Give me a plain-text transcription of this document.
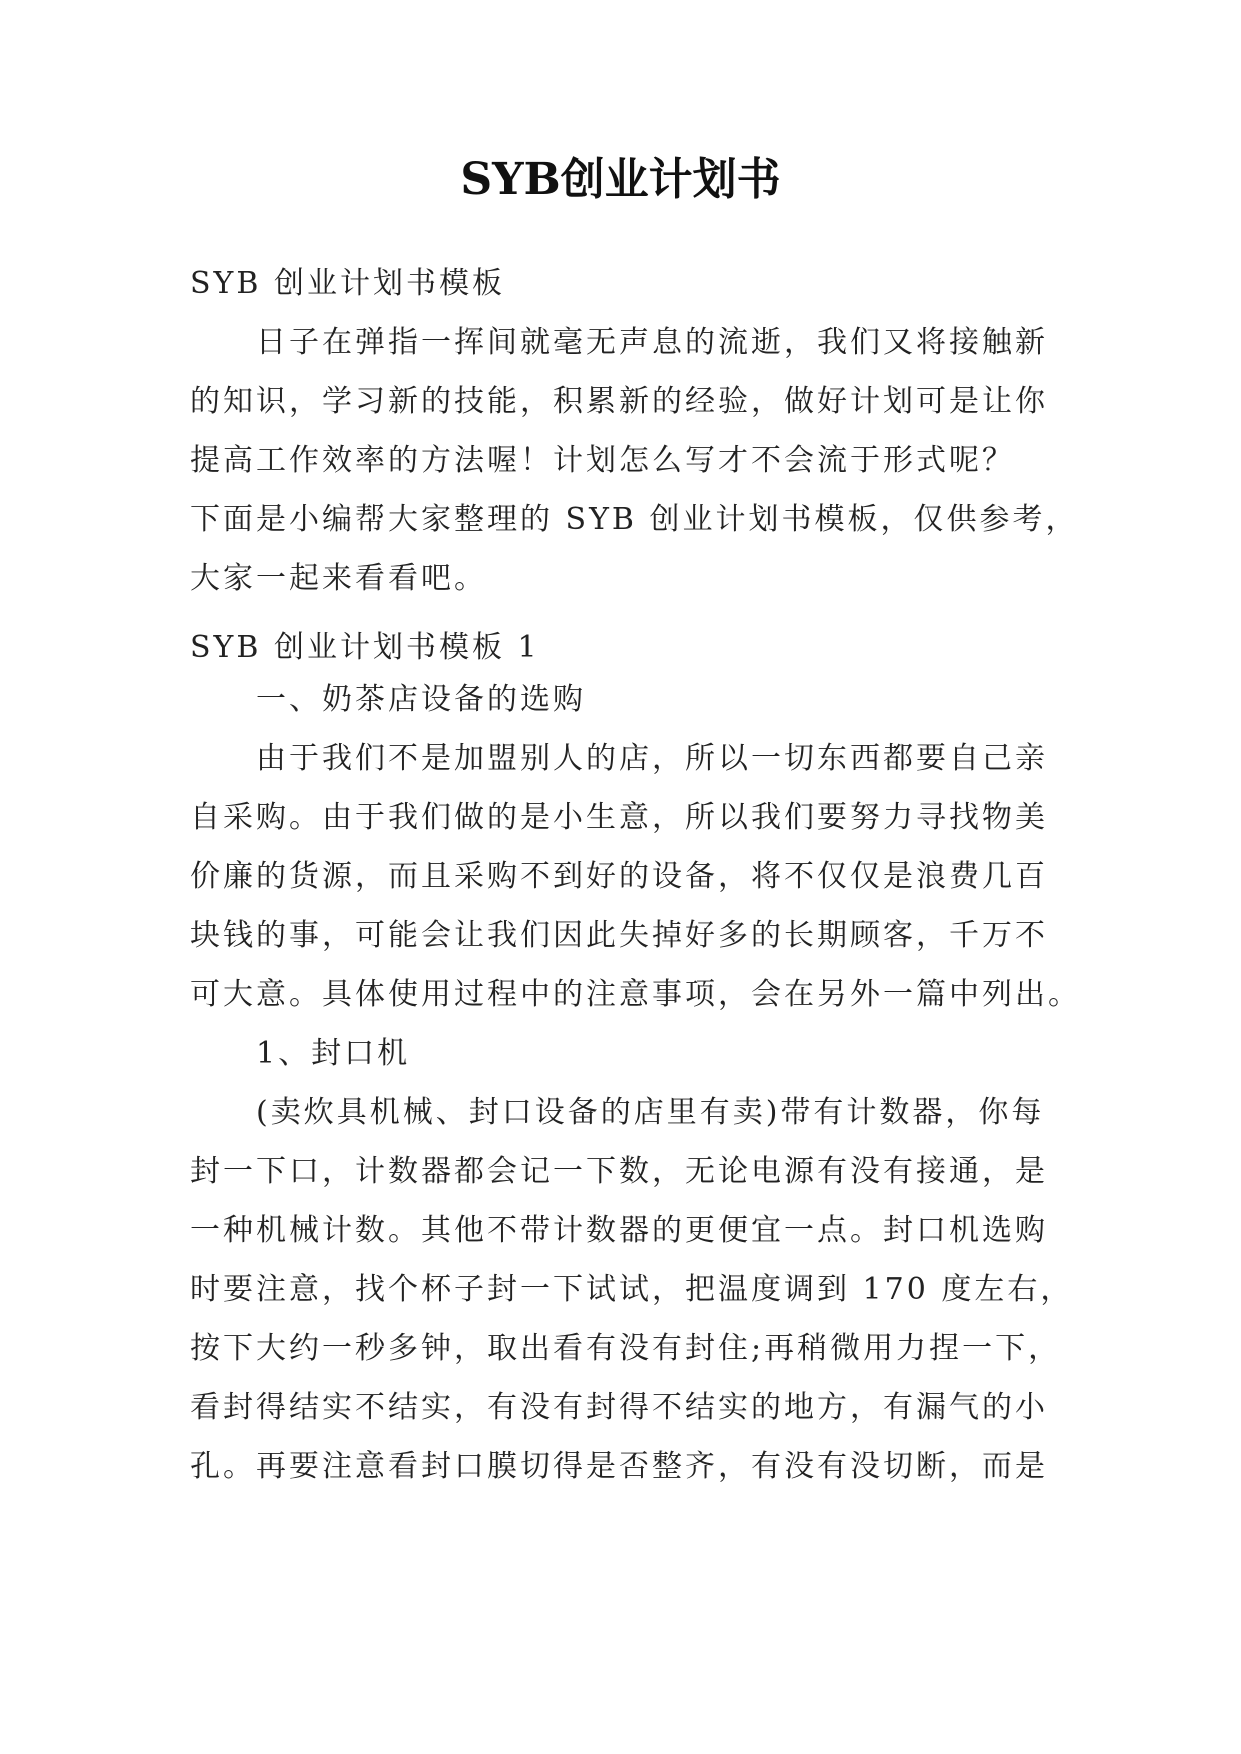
SYB创业计划书

SYB 创业计划书模板

日子在弹指一挥间就毫无声息的流逝，我们又将接触新
的知识，学习新的技能，积累新的经验，做好计划可是让你
提高工作效率的方法喔！计划怎么写才不会流于形式呢？
下面是小编帮大家整理的 SYB 创业计划书模板，仅供参考，
大家一起来看看吧。

SYB 创业计划书模板 1

一、奶茶店设备的选购

由于我们不是加盟别人的店，所以一切东西都要自己亲
自采购。由于我们做的是小生意，所以我们要努力寻找物美
价廉的货源，而且采购不到好的设备，将不仅仅是浪费几百
块钱的事，可能会让我们因此失掉好多的长期顾客，千万不
可大意。具体使用过程中的注意事项，会在另外一篇中列出。

1、封口机

(卖炊具机械、封口设备的店里有卖)带有计数器，你每
封一下口，计数器都会记一下数，无论电源有没有接通，是
一种机械计数。其他不带计数器的更便宜一点。封口机选购
时要注意，找个杯子封一下试试，把温度调到 170 度左右，
按下大约一秒多钟，取出看有没有封住;再稍微用力捏一下，
看封得结实不结实，有没有封得不结实的地方，有漏气的小
孔。再要注意看封口膜切得是否整齐，有没有没切断，而是
